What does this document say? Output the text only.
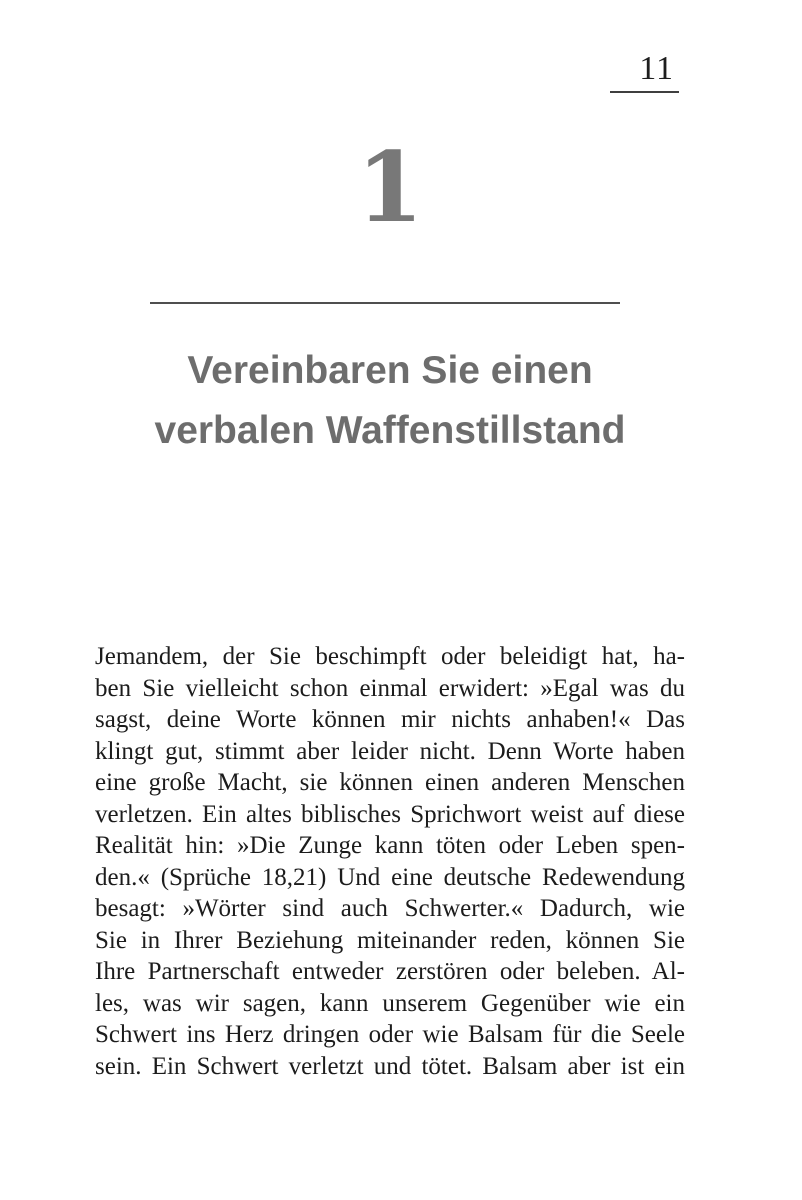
11
1
Vereinbaren Sie einen
verbalen Waffenstillstand
Jemandem, der Sie beschimpft oder beleidigt hat, ha-
ben Sie vielleicht schon einmal erwidert: »Egal was du
sagst, deine Worte können mir nichts anhaben!« Das
klingt gut, stimmt aber leider nicht. Denn Worte haben
eine große Macht, sie können einen anderen Menschen
verletzen. Ein altes biblisches Sprichwort weist auf diese
Realität hin: »Die Zunge kann töten oder Leben spen-
den.« (Sprüche 18,21) Und eine deutsche Redewendung
besagt: »Wörter sind auch Schwerter.« Dadurch, wie
Sie in Ihrer Beziehung miteinander reden, können Sie
Ihre Partnerschaft entweder zerstören oder beleben. Al-
les, was wir sagen, kann unserem Gegenüber wie ein
Schwert ins Herz dringen oder wie Balsam für die Seele
sein. Ein Schwert verletzt und tötet. Balsam aber ist ein
